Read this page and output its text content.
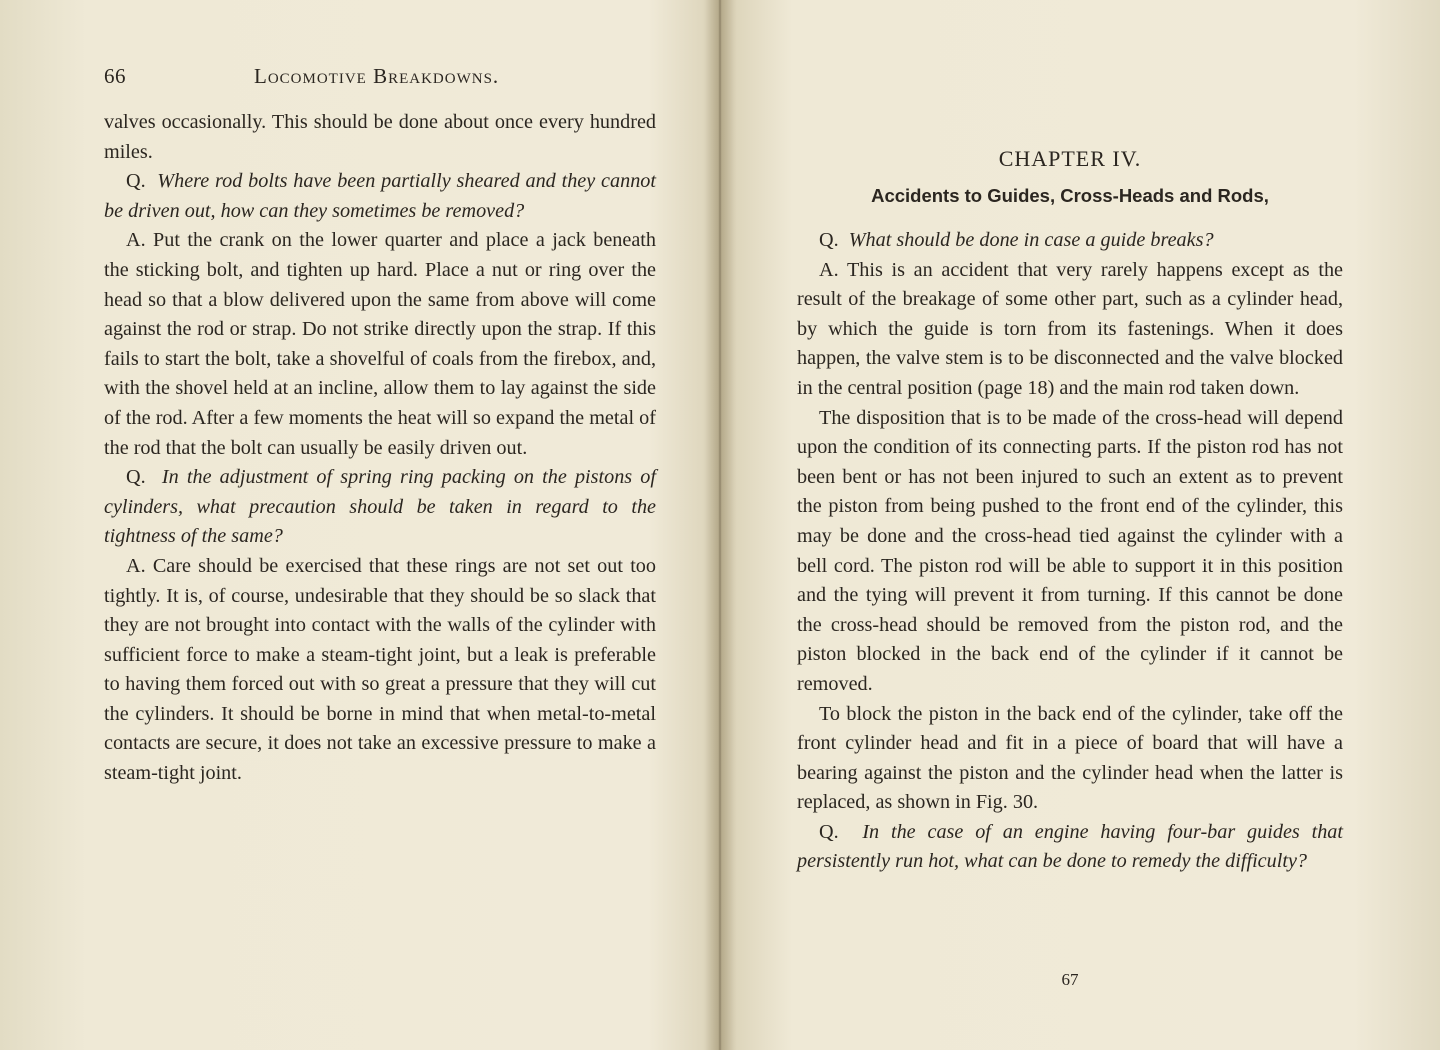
66	Locomotive Breakdowns.

valves occasionally. This should be done about once every hundred miles.

Q. Where rod bolts have been partially sheared and they cannot be driven out, how can they sometimes be removed?

A. Put the crank on the lower quarter and place a jack beneath the sticking bolt, and tighten up hard. Place a nut or ring over the head so that a blow delivered upon the same from above will come against the rod or strap. Do not strike directly upon the strap. If this fails to start the bolt, take a shovelful of coals from the firebox, and, with the shovel held at an incline, allow them to lay against the side of the rod. After a few moments the heat will so expand the metal of the rod that the bolt can usually be easily driven out.

Q. In the adjustment of spring ring packing on the pistons of cylinders, what precaution should be taken in regard to the tightness of the same?

A. Care should be exercised that these rings are not set out too tightly. It is, of course, undesirable that they should be so slack that they are not brought into contact with the walls of the cylinder with sufficient force to make a steam-tight joint, but a leak is preferable to having them forced out with so great a pressure that they will cut the cylinders. It should be borne in mind that when metal-to-metal contacts are secure, it does not take an excessive pressure to make a steam-tight joint.

CHAPTER IV.
Accidents to Guides, Cross-Heads and Rods,

Q. What should be done in case a guide breaks?

A. This is an accident that very rarely happens except as the result of the breakage of some other part, such as a cylinder head, by which the guide is torn from its fastenings. When it does happen, the valve stem is to be disconnected and the valve blocked in the central position (page 18) and the main rod taken down.

The disposition that is to be made of the cross-head will depend upon the condition of its connecting parts. If the piston rod has not been bent or has not been injured to such an extent as to prevent the piston from being pushed to the front end of the cylinder, this may be done and the cross-head tied against the cylinder with a bell cord. The piston rod will be able to support it in this position and the tying will prevent it from turning. If this cannot be done the cross-head should be removed from the piston rod, and the piston blocked in the back end of the cylinder if it cannot be removed.

To block the piston in the back end of the cylinder, take off the front cylinder head and fit in a piece of board that will have a bearing against the piston and the cylinder head when the latter is replaced, as shown in Fig. 30.

Q. In the case of an engine having four-bar guides that persistently run hot, what can be done to remedy the difficulty?

67
